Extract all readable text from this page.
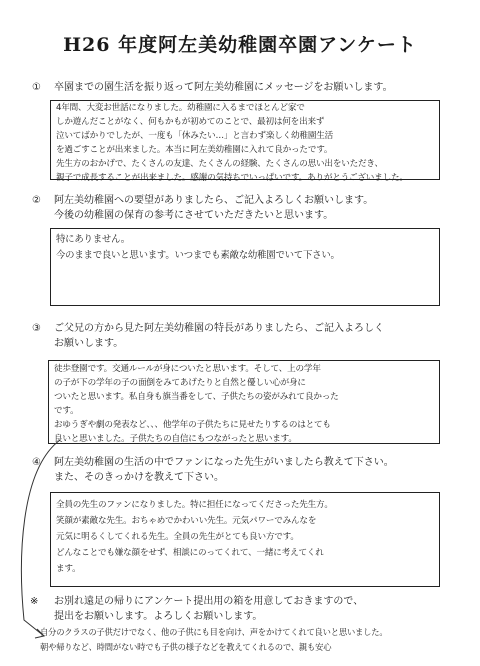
H26 年度阿左美幼稚園卒園アンケート
① 卒園までの園生活を振り返って阿左美幼稚園にメッセージをお願いします。
4年間、大変お世話になりました。幼稚園に入るまでほとんど家で
しか遊んだことがなく、何もかもが初めてのことで、最初は何を出来ず
泣いてばかりでしたが、一度も「休みたい…」と言わず楽しく幼稚園生活
を過ごすことが出来ました。本当に阿左美幼稚園に入れて良かったです。
先生方のおかげで、たくさんの友達、たくさんの経験、たくさんの思い出をいただき、
親子で成長することが出来ました。感謝の気持ちでいっぱいです。ありがとうございました。
② 阿左美幼稚園への要望がありましたら、ご記入よろしくお願いします。
今後の幼稚園の保育の参考にさせていただきたいと思います。
特にありません。
今のままで良いと思います。いつまでも素敵な幼稚園でいて下さい。
③ ご父兄の方から見た阿左美幼稚園の特長がありましたら、ご記入よろしく
お願いします。
徒歩登園です。交通ルールが身についたと思います。そして、上の学年
の子が下の学年の子の面倒をみてあげたりと自然と優しい心が身に
ついたと思います。私自身も旗当番をして、子供たちの姿がみれて良かった
です。
おゆうぎや劇の発表など、、、他学年の子供たちに見せたりするのはとても
良いと思いました。子供たちの自信にもつながったと思います。
④ 阿左美幼稚園の生活の中でファンになった先生がいましたら教えて下さい。
また、そのきっかけを教えて下さい。
全員の先生のファンになりました。特に担任になってくださった先生方。
笑顔が素敵な先生。おちゃめでかわいい先生。元気パワーでみんなを
元気に明るくしてくれる先生。全員の先生がとても良い方です。
どんなことでも嫌な顔をせず、相談にのってくれて、一緒に考えてくれ
ます。
※ お別れ遠足の帰りにアンケート提出用の箱を用意しておきますので、
提出をお願いします。よろしくお願いします。
自分のクラスの子供だけでなく、他の子供にも目を向け、声をかけてくれて良いと思いました。
朝や帰りなど、時間がない時でも子供の様子などを教えてくれるので、親も安心
